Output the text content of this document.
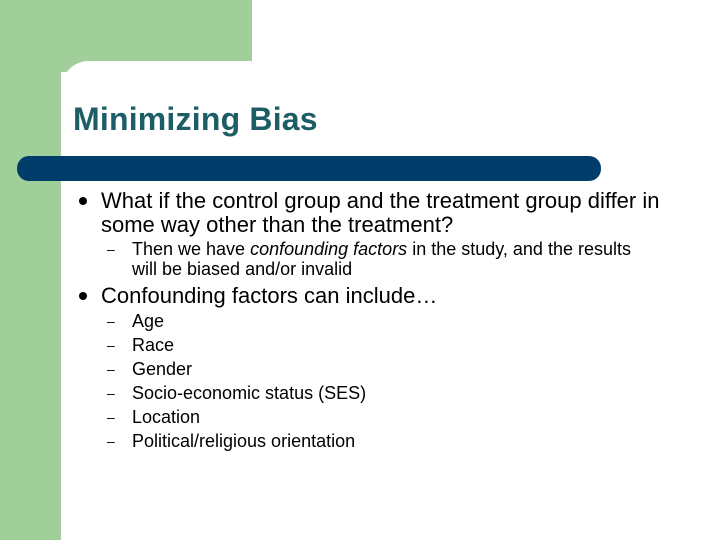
Minimizing Bias
What if the control group and the treatment group differ in some way other than the treatment?
– Then we have confounding factors in the study, and the results will be biased and/or invalid
Confounding factors can include…
– Age
– Race
– Gender
– Socio-economic status (SES)
– Location
– Political/religious orientation
